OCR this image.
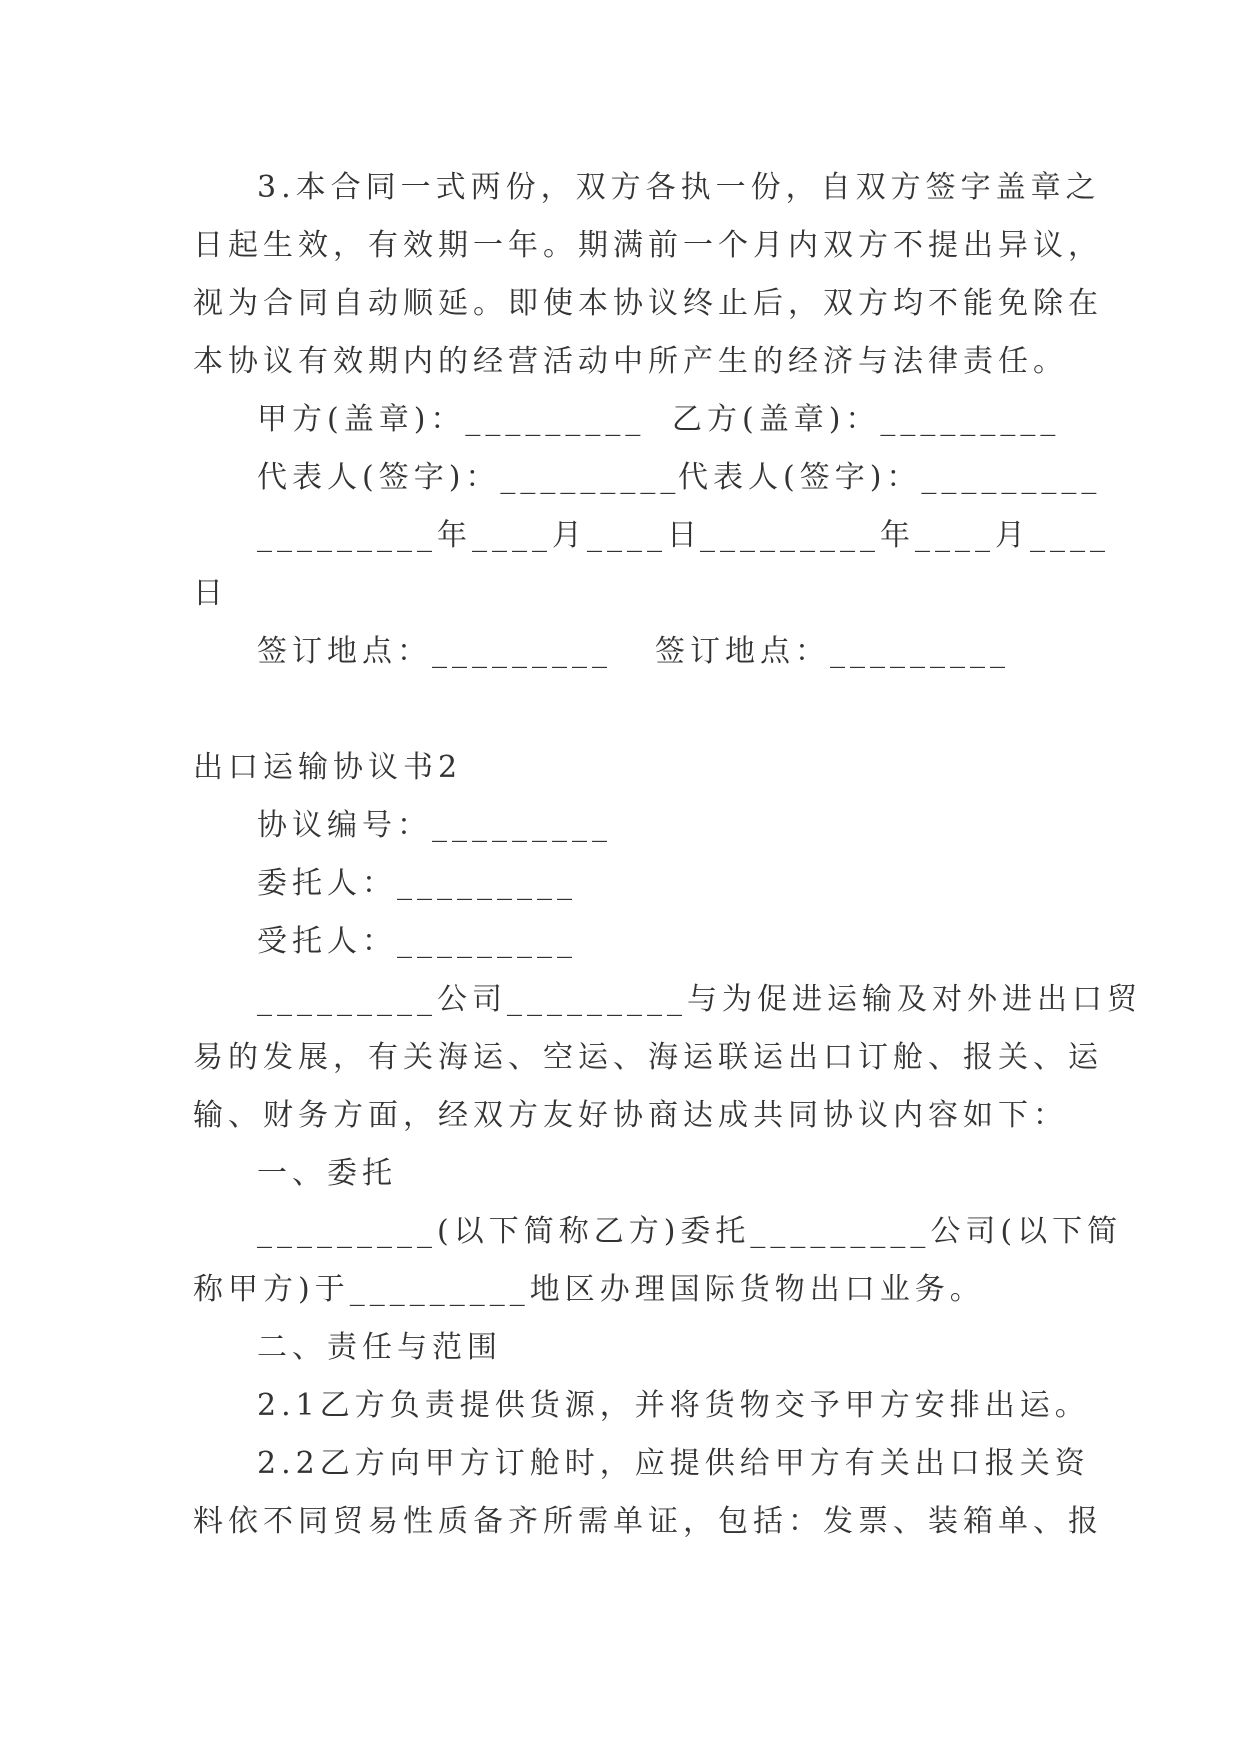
3.本合同一式两份，双方各执一份，自双方签字盖章之

日起生效，有效期一年。期满前一个月内双方不提出异议，

视为合同自动顺延。即使本协议终止后，双方均不能免除在

本协议有效期内的经营活动中所产生的经济与法律责任。

甲方(盖章)：_________ 乙方(盖章)：_________

代表人(签字)：_________

代表人(签字)：_________

_________年____月____日

_________年____月____

日

签订地点：_________ 签订地点：_________

出口运输协议书2

协议编号：_________

委托人：_________

受托人：_________

_________公司_________与为促进运输及对外进出口贸

易的发展，有关海运、空运、海运联运出口订舱、报关、运

输、财务方面，经双方友好协商达成共同协议内容如下：

一、委托

_________(以下简称乙方)委托_________公司(以下简

称甲方)于_________地区办理国际货物出口业务。

二、责任与范围

2.1乙方负责提供货源，并将货物交予甲方安排出运。

2.2乙方向甲方订舱时，应提供给甲方有关出口报关资

料依不同贸易性质备齐所需单证，包括：发票、装箱单、报
